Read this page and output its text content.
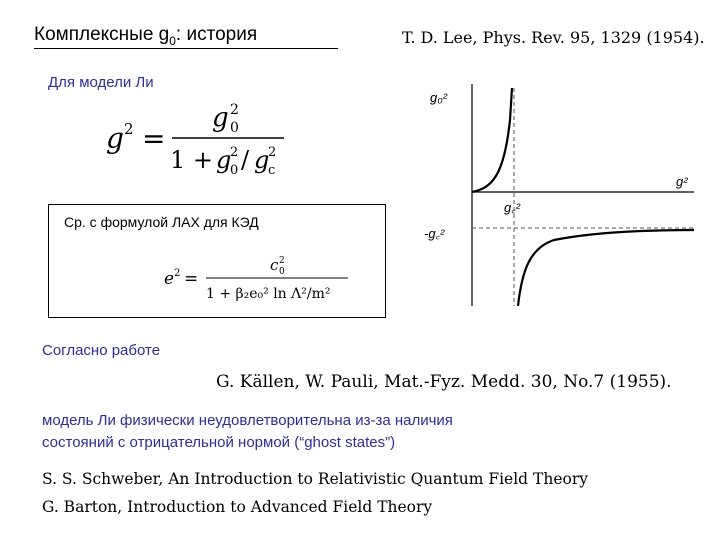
Комплексные $g_0$: история	T. D. Lee, Phys. Rev. 95, 1329 (1954).
Для модели Ли
g 2 =
g 2
0
1 + g
2
0 / g
2
c
Ср. с формулой ЛАХ для КЭД
e 2 =
c 2
0
1 + β₂e₀² ln Λ²/m²
g₀²
g²
g꜀²
-g꜀²
Согласно работе
G. Källen, W. Pauli, Mat.-Fyz. Medd. 30, No.7 (1955).
модель Ли физически неудовлетворительна из-за наличия
состояний с отрицательной нормой (“ghost states”)
S. S. Schweber, An Introduction to Relativistic Quantum Field Theory
G. Barton, Introduction to Advanced Field Theory
